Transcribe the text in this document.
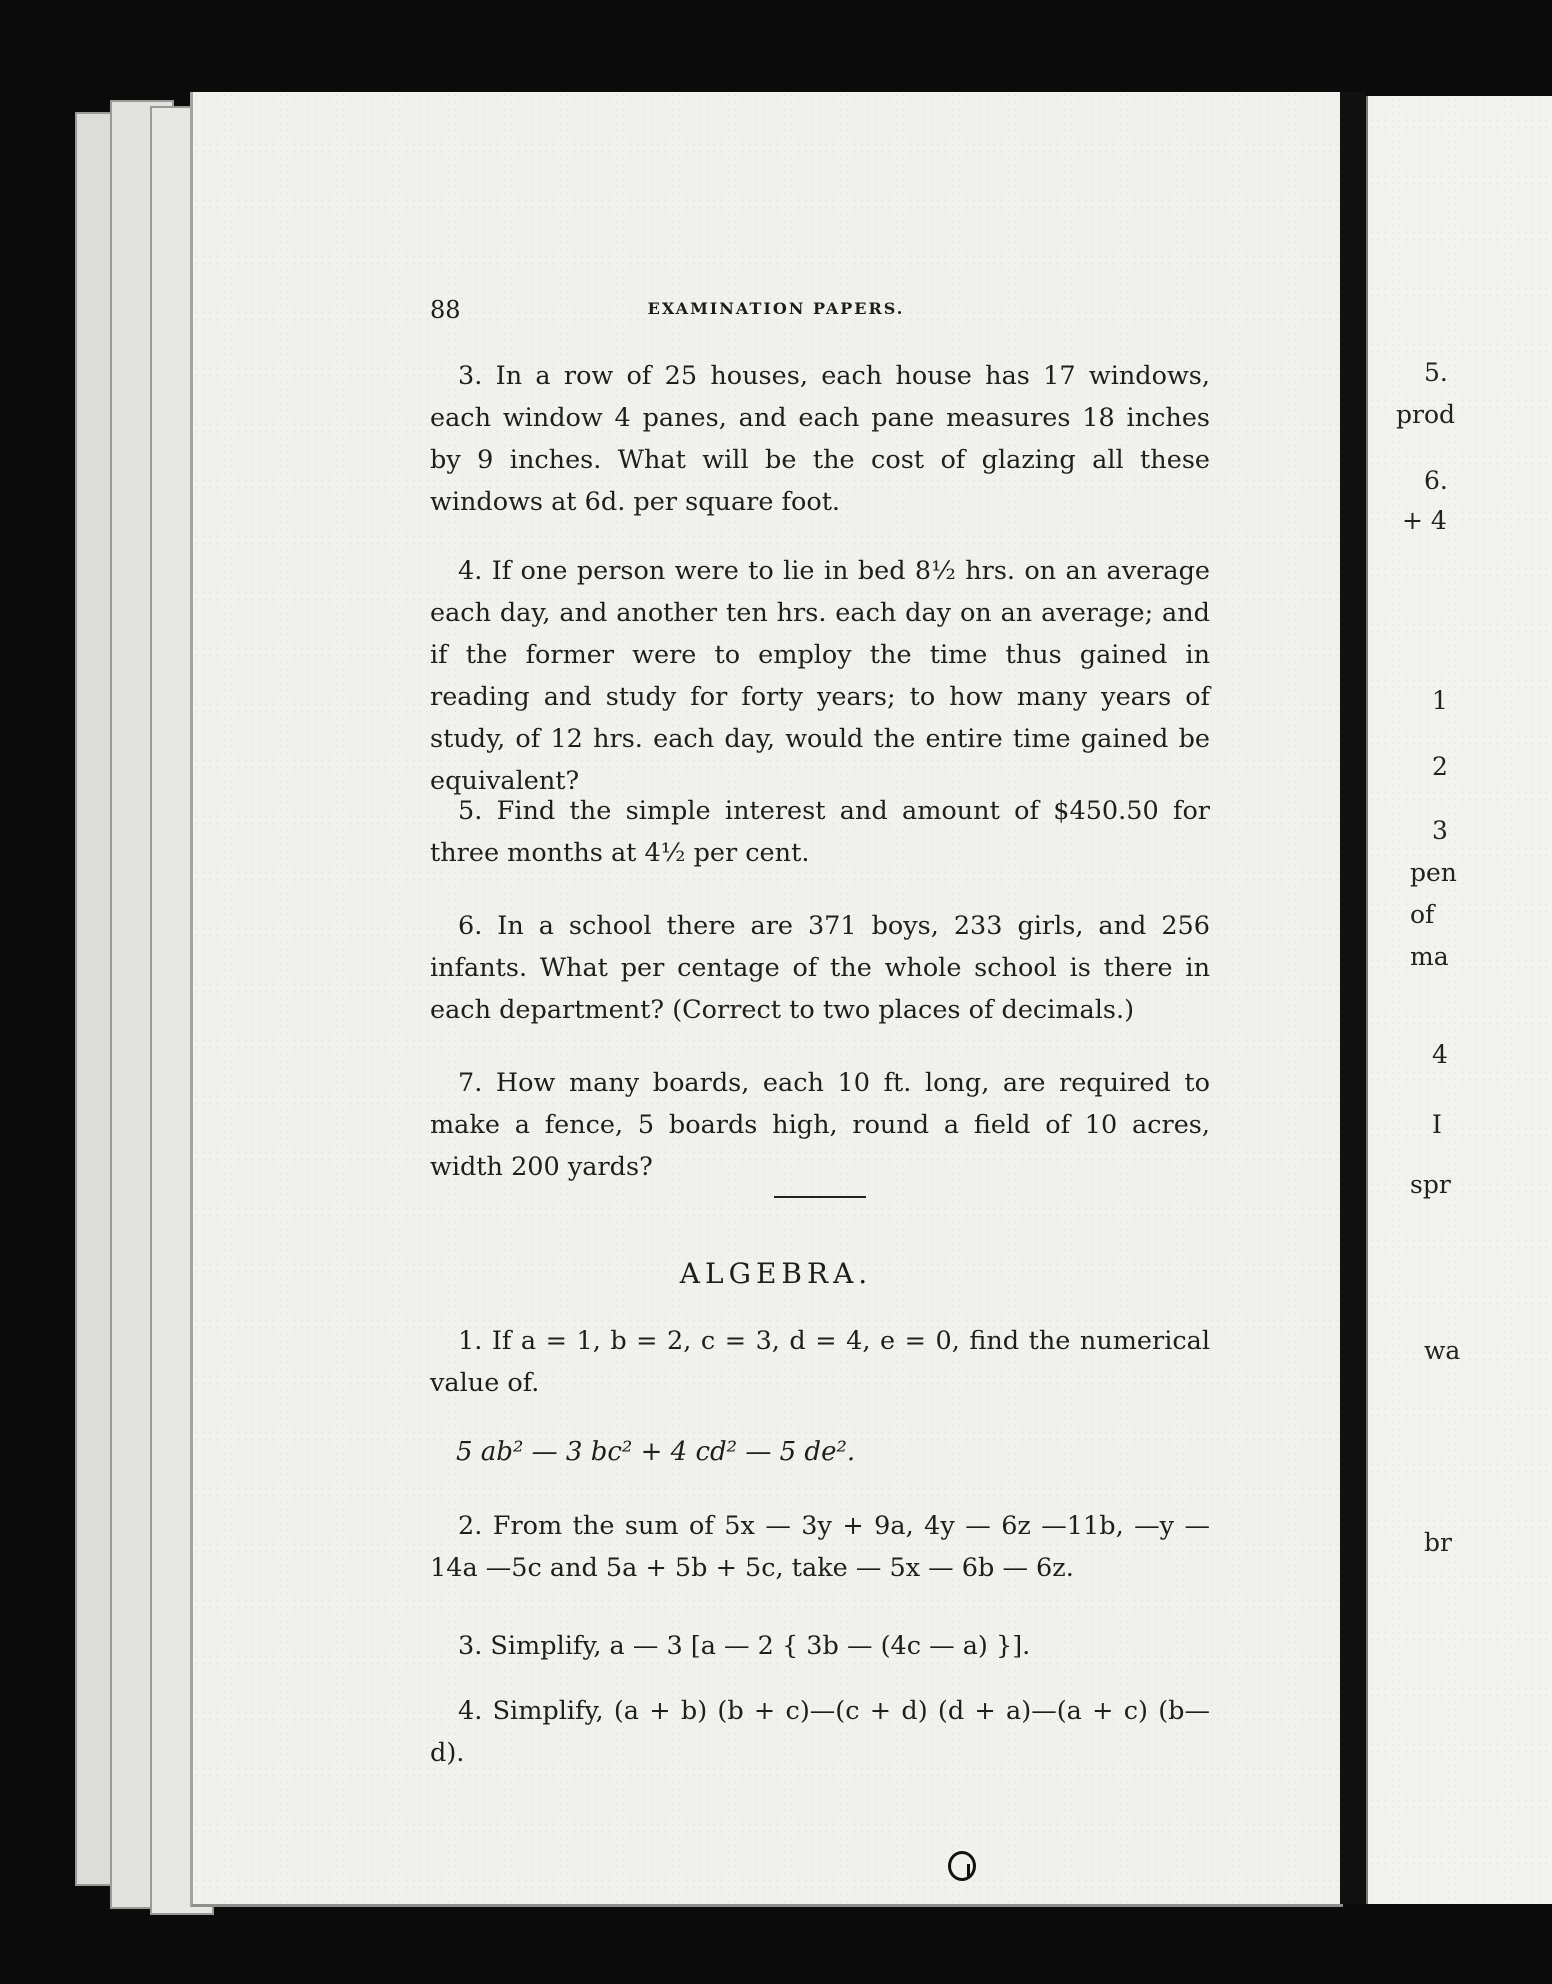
88	EXAMINATION PAPERS.
3. In a row of 25 houses, each house has 17 windows, each window 4 panes, and each pane measures 18 inches by 9 inches. What will be the cost of glazing all these windows at 6d. per square foot.
4. If one person were to lie in bed 8½ hrs. on an average each day, and another ten hrs. each day on an average; and if the former were to employ the time thus gained in reading and study for forty years; to how many years of study, of 12 hrs. each day, would the entire time gained be equivalent?
5. Find the simple interest and amount of $450.50 for three months at 4½ per cent.
6. In a school there are 371 boys, 233 girls, and 256 infants. What per centage of the whole school is there in each department? (Correct to two places of decimals.)
7. How many boards, each 10 ft. long, are required to make a fence, 5 boards high, round a field of 10 acres, width 200 yards?
ALGEBRA.
1. If a = 1, b = 2, c = 3, d = 4, e = 0, find the numerical value of.
5 ab² — 3 bc² + 4 cd² — 5 de².
2. From the sum of 5x — 3y + 9a, 4y — 6z —11b, —y — 14a —5c and 5a + 5b + 5c, take — 5x — 6b — 6z.
3. Simplify, a — 3 [a — 2 { 3b — (4c — a) }].
4. Simplify, (a + b) (b + c)—(c + d) (d + a)—(a + c) (b—d).
5.
prod
6.
+ 4
1
2
3
pen
of
ma
4
I
spr
wa
br
